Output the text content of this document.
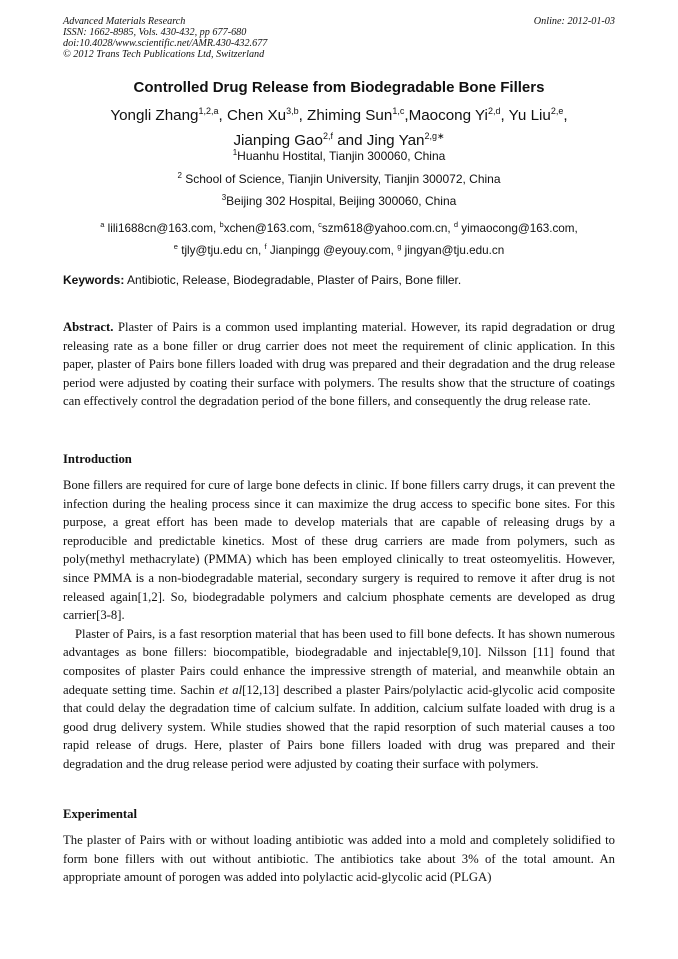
Advanced Materials Research
ISSN: 1662-8985, Vols. 430-432, pp 677-680
doi:10.4028/www.scientific.net/AMR.430-432.677
© 2012 Trans Tech Publications Ltd, Switzerland
Online: 2012-01-03
Controlled Drug Release from Biodegradable Bone Fillers
Yongli Zhang$^{1,2,a}$, Chen Xu$^{3,b}$, Zhiming Sun$^{1,c}$,Maocong Yi$^{2,d}$, Yu Liu$^{2,e}$,
Jianping Gao$^{2,f}$ and Jing Yan$^{2,g∗}$
$^1$Huanhu Hostital, Tianjin 300060, China
$^2$ School of Science, Tianjin University, Tianjin 300072, China
$^3$Beijing 302 Hospital, Beijing 300060, China
$^a$ lili1688cn@163.com, $^b$xchen@163.com, $^c$szm618@yahoo.com.cn, $^d$ yimaocong@163.com,
$^e$ tjly@tju.edu cn, $^f$ Jianpingg @eyouy.com, $^g$ jingyan@tju.edu.cn
Keywords: Antibiotic, Release, Biodegradable, Plaster of Pairs, Bone filler.
Abstract. Plaster of Pairs is a common used implanting material. However, its rapid degradation or drug releasing rate as a bone filler or drug carrier does not meet the requirement of clinic application. In this paper, plaster of Pairs bone fillers loaded with drug was prepared and their degradation and the drug release period were adjusted by coating their surface with polymers. The results show that the structure of coatings can effectively control the degradation period of the bone fillers, and consequently the drug release rate.
Introduction

Bone fillers are required for cure of large bone defects in clinic. If bone fillers carry drugs, it can prevent the infection during the healing process since it can maximize the drug access to specific bone sites. For this purpose, a great effort has been made to develop materials that are capable of releasing drugs by a reproducible and predictable kinetics. Most of these drug carriers are made from polymers, such as poly(methyl methacrylate) (PMMA) which has been employed clinically to treat osteomyelitis. However, since PMMA is a non-biodegradable material, secondary surgery is required to remove it after drug is not released again[1,2]. So, biodegradable polymers and calcium phosphate cements are developed as drug carrier[3-8].

Plaster of Pairs, is a fast resorption material that has been used to fill bone defects. It has shown numerous advantages as bone fillers: biocompatible, biodegradable and injectable[9,10]. Nilsson [11] found that composites of plaster Pairs could enhance the impressive strength of material, and meanwhile obtain an adequate setting time. Sachin et al[12,13] described a plaster Pairs/polylactic acid-glycolic acid composite that could delay the degradation time of calcium sulfate. In addition, calcium sulfate loaded with drug is a good drug delivery system. While studies showed that the rapid resorption of such material causes a too rapid release of drugs. Here, plaster of Pairs bone fillers loaded with drug was prepared and their degradation and the drug release period were adjusted by coating their surface with polymers.

Experimental
The plaster of Pairs with or without loading antibiotic was added into a mold and completely solidified to form bone fillers with out without antibiotic. The antibiotics take about 3% of the total amount. An appropriate amount of porogen was added into polylactic acid-glycolic acid (PLGA)
